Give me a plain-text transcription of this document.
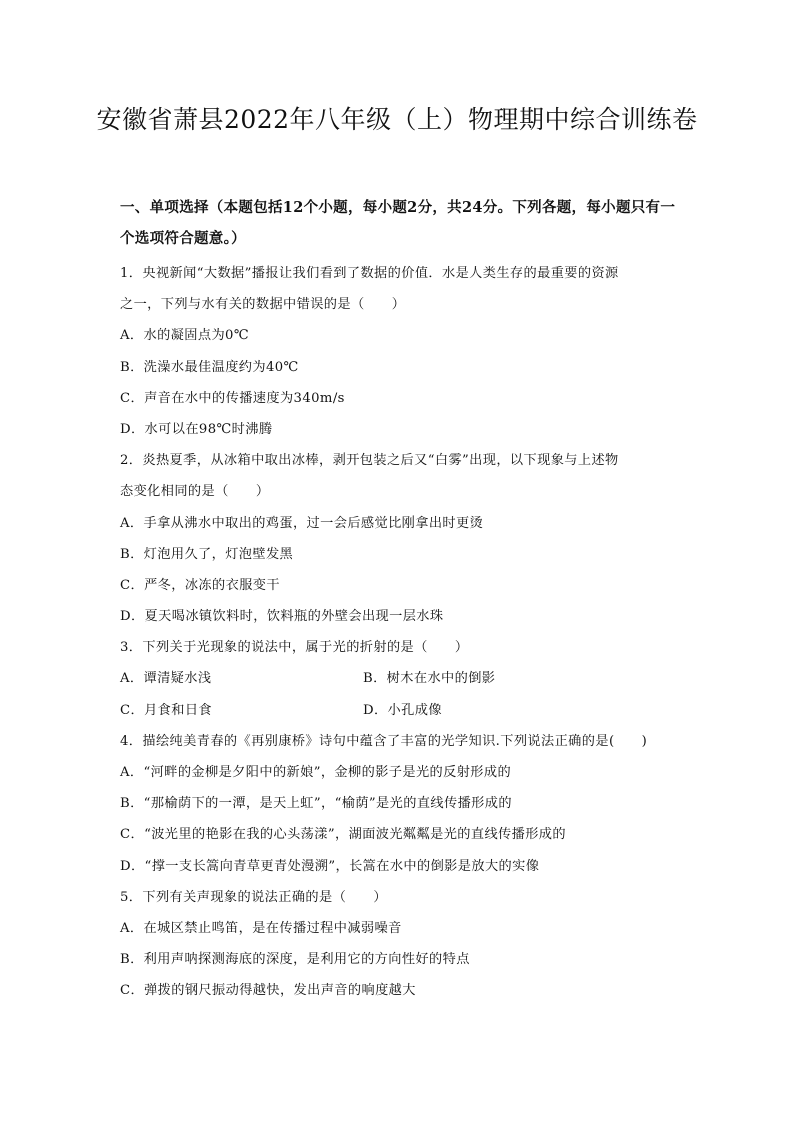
安徽省萧县2022年八年级（上）物理期中综合训练卷
一、单项选择（本题包括12个小题，每小题2分，共24分。下列各题，每小题只有一个选项符合题意。）
1．央视新闻“大数据”播报让我们看到了数据的价值．水是人类生存的最重要的资源
之一，下列与水有关的数据中错误的是（　　）
A．水的凝固点为0℃
B．洗澡水最佳温度约为40℃
C．声音在水中的传播速度为340m/s
D．水可以在98℃时沸腾
2．炎热夏季，从冰箱中取出冰棒，剥开包装之后又“白雾”出现，以下现象与上述物
态变化相同的是（　　）
A．手拿从沸水中取出的鸡蛋，过一会后感觉比刚拿出时更烫
B．灯泡用久了，灯泡壁发黑
C．严冬，冰冻的衣服变干
D．夏天喝冰镇饮料时，饮料瓶的外壁会出现一层水珠
3．下列关于光现象的说法中，属于光的折射的是（　　）
A．谭清疑水浅	B．树木在水中的倒影
C．月食和日食	D．小孔成像
4．描绘纯美青春的《再别康桥》诗句中蕴含了丰富的光学知识.下列说法正确的是(　　)
A．“河畔的金柳是夕阳中的新娘”，金柳的影子是光的反射形成的
B．“那榆荫下的一潭，是天上虹”，“榆荫”是光的直线传播形成的
C．“波光里的艳影在我的心头荡漾”，湖面波光粼粼是光的直线传播形成的
D．“撑一支长篙向青草更青处漫溯”，长篙在水中的倒影是放大的实像
5．下列有关声现象的说法正确的是（　　）
A．在城区禁止鸣笛，是在传播过程中减弱噪音
B．利用声呐探测海底的深度，是利用它的方向性好的特点
C．弹拨的钢尺振动得越快，发出声音的响度越大
